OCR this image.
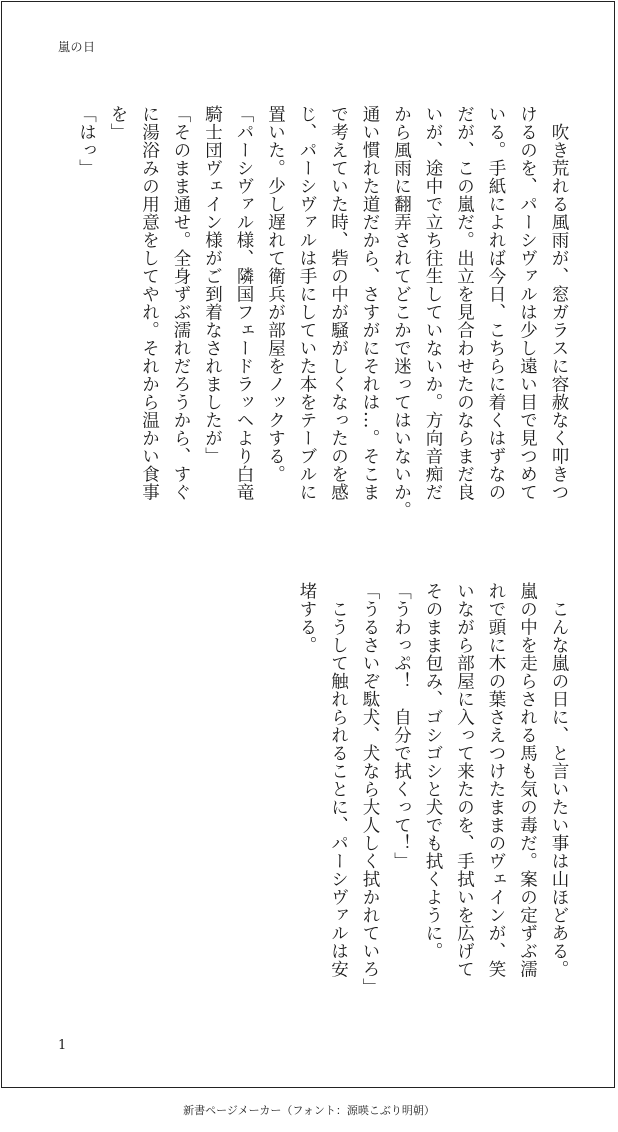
嵐の日
　吹き荒れる風雨が、窓ガラスに容赦なく叩きつ
けるのを、パーシヴァルは少し遠い目で見つめて
いる。手紙によれば今日、こちらに着くはずなの
だが、この嵐だ。出立を見合わせたのならまだ良
いが、途中で立ち往生していないか。方向音痴だ
から風雨に翻弄されてどこかで迷ってはいないか。
通い慣れた道だから、さすがにそれは…。そこま
で考えていた時、砦の中が騒がしくなったのを感
じ、パーシヴァルは手にしていた本をテーブルに
置いた。少し遅れて衛兵が部屋をノックする。
「パーシヴァル様、隣国フェードラッヘより白竜
騎士団ヴェイン様がご到着なされましたが」
「そのまま通せ。全身ずぶ濡れだろうから、すぐ
に湯浴みの用意をしてやれ。それから温かい食事
を」
「はっ」
　こんな嵐の日に、と言いたい事は山ほどある。
嵐の中を走らされる馬も気の毒だ。案の定ずぶ濡
れで頭に木の葉さえつけたままのヴェインが、笑
いながら部屋に入って来たのを、手拭いを広げて
そのまま包み、ゴシゴシと犬でも拭くように。
「うわっぷ！　自分で拭くって！」
「うるさいぞ駄犬、犬なら大人しく拭かれていろ」
　こうして触れられることに、パーシヴァルは安
堵する。
1
新書ページメーカー（フォント：源暎こぶり明朝）
